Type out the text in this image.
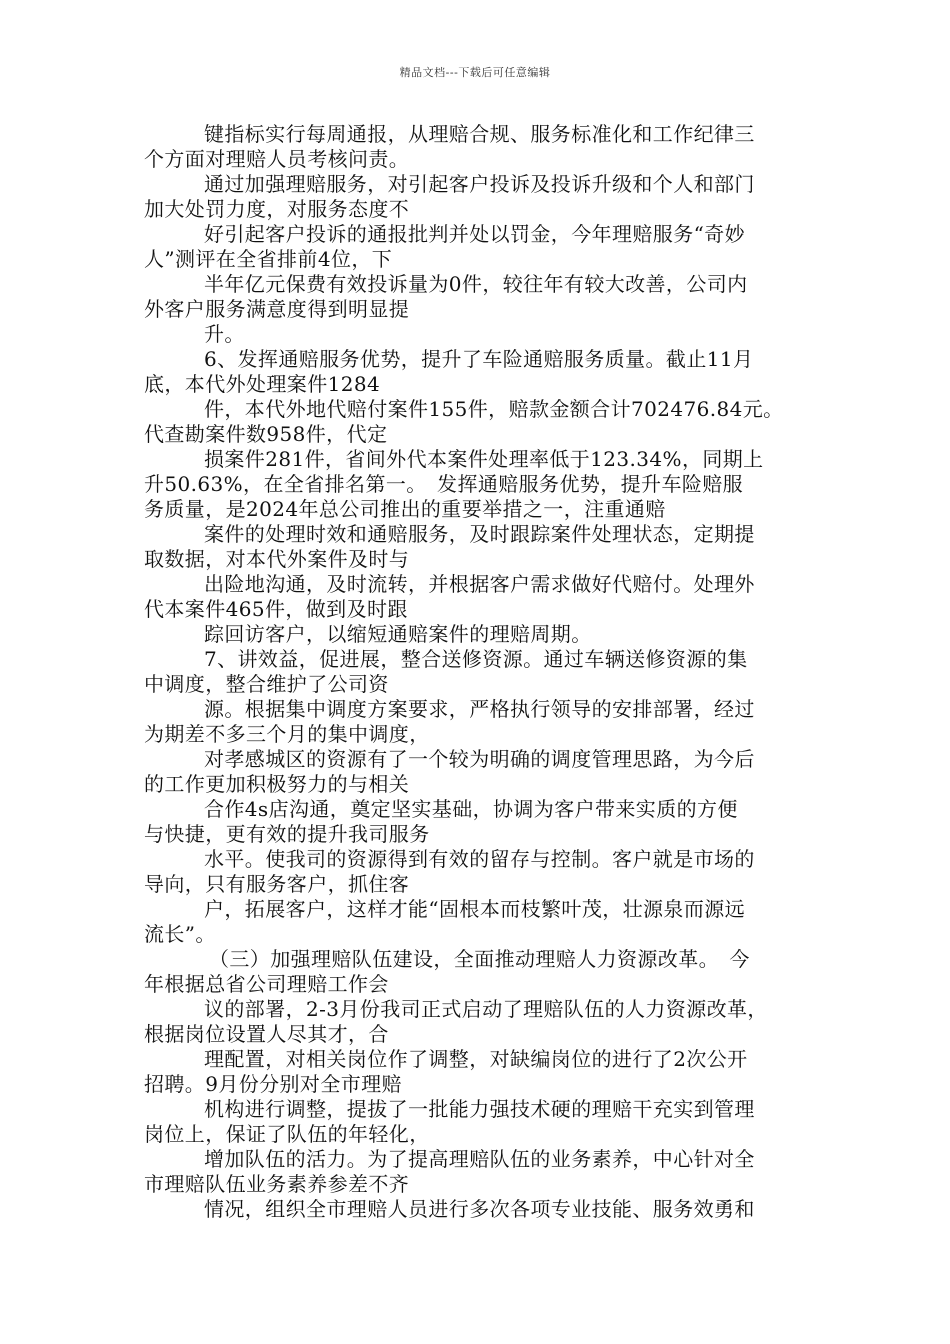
精品文档---下载后可任意编辑
键指标实行每周通报，从理赔合规、服务标准化和工作纪律三
个方面对理赔人员考核问责。
通过加强理赔服务，对引起客户投诉及投诉升级和个人和部门
加大处罚力度，对服务态度不
好引起客户投诉的通报批判并处以罚金，今年理赔服务“奇妙
人”测评在全省排前4位，下
半年亿元保费有效投诉量为0件，较往年有较大改善，公司内
外客户服务满意度得到明显提
升。
6、发挥通赔服务优势，提升了车险通赔服务质量。截止11月
底，本代外处理案件1284
件，本代外地代赔付案件155件，赔款金额合计702476.84元。
代查勘案件数958件，代定
损案件281件，省间外代本案件处理率低于123.34%，同期上
升50.63%，在全省排名第一。　发挥通赔服务优势，提升车险赔服
务质量，是2024年总公司推出的重要举措之一，注重通赔
案件的处理时效和通赔服务，及时跟踪案件处理状态，定期提
取数据，对本代外案件及时与
出险地沟通，及时流转，并根据客户需求做好代赔付。处理外
代本案件465件，做到及时跟
踪回访客户，以缩短通赔案件的理赔周期。
7、讲效益，促进展，整合送修资源。通过车辆送修资源的集
中调度，整合维护了公司资
源。根据集中调度方案要求，严格执行领导的安排部署，经过
为期差不多三个月的集中调度，
对孝感城区的资源有了一个较为明确的调度管理思路，为今后
的工作更加积极努力的与相关
合作4s店沟通，奠定坚实基础，协调为客户带来实质的方便
与快捷，更有效的提升我司服务
水平。使我司的资源得到有效的留存与控制。客户就是市场的
导向，只有服务客户，抓住客
户，拓展客户，这样才能“固根本而枝繁叶茂，壮源泉而源远
流长”。
（三）加强理赔队伍建设，全面推动理赔人力资源改革。　今
年根据总省公司理赔工作会
议的部署，2-3月份我司正式启动了理赔队伍的人力资源改革，
根据岗位设置人尽其才，合
理配置，对相关岗位作了调整，对缺编岗位的进行了2次公开
招聘。9月份分别对全市理赔
机构进行调整，提拔了一批能力强技术硬的理赔干充实到管理
岗位上，保证了队伍的年轻化，
增加队伍的活力。为了提高理赔队伍的业务素养，中心针对全
市理赔队伍业务素养参差不齐
情况，组织全市理赔人员进行多次各项专业技能、服务效勇和
